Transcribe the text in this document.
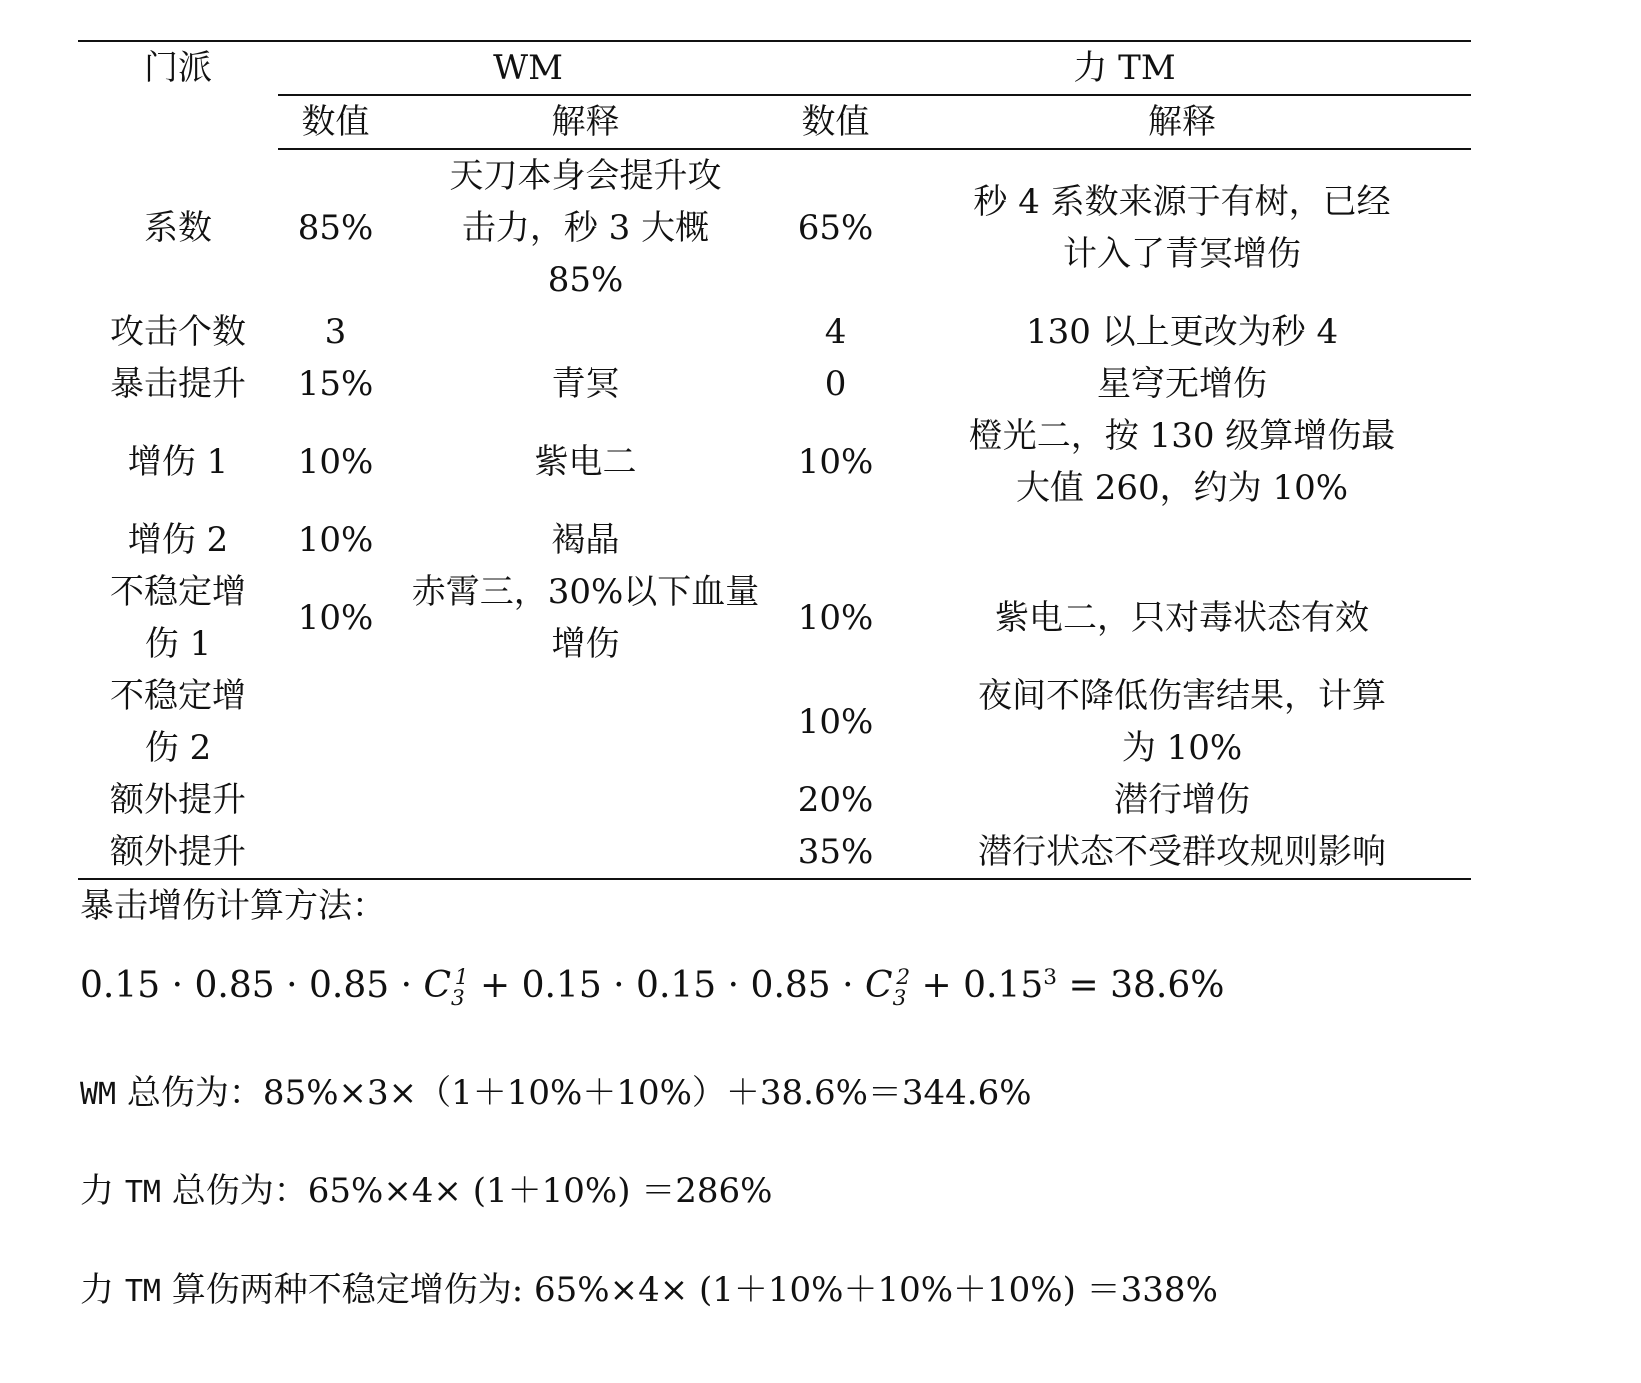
门派	WM		力 TM	
	数值	解释	数值	解释
系数	85%	天刀本身会提升攻击力，秒 3 大概 85%	65%	秒 4 系数来源于有树，已经计入了青冥增伤
攻击个数	3		4	130 以上更改为秒 4
暴击提升	15%	青冥	0	星穹无增伤
增伤 1	10%	紫电二	10%	橙光二，按 130 级算增伤最大值 260，约为 10%
增伤 2	10%	褐晶		
不稳定增伤 1	10%	赤霄三，30%以下血量增伤	10%	紫电二，只对毒状态有效
不稳定增伤 2			10%	夜间不降低伤害结果，计算为 10%
额外提升			20%	潜行增伤
额外提升			35%	潜行状态不受群攻规则影响
暴击增伤计算方法：
$0.15 \cdot 0.85 \cdot 0.85 \cdot C_3^1 + 0.15 \cdot 0.15 \cdot 0.85 \cdot C_3^2 + 0.15^3 = 38.6\%$
WM 总伤为：85%×3×（1＋10%＋10%）＋38.6%＝344.6%
力 TM 总伤为：65%×4× (1＋10%) ＝286%
力 TM 算伤两种不稳定增伤为: 65%×4× (1＋10%＋10%＋10%) ＝338%
